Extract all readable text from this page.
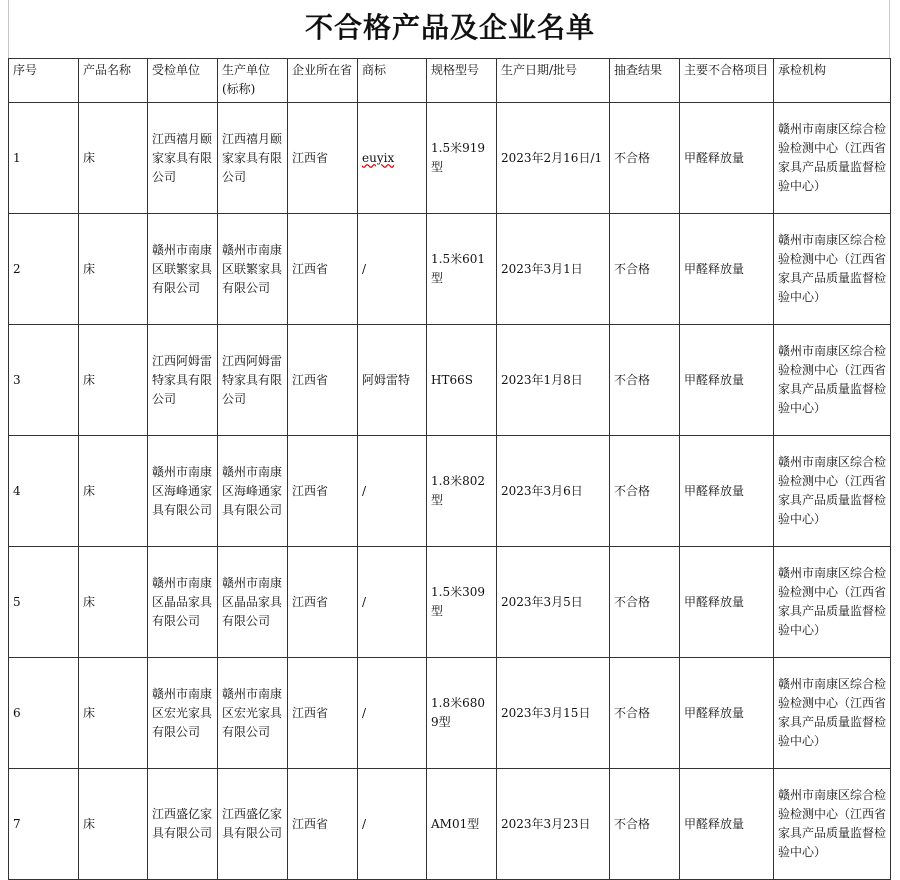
不合格产品及企业名单
序号	产品名称	受检单位	生产单位(标称)	企业所在省	商标	规格型号	生产日期/批号	抽查结果	主要不合格项目	承检机构
1	床	江西禧月颐家家具有限公司	江西禧月颐家家具有限公司	江西省	euyix	1.5米919型	2023年2月16日/1	不合格	甲醛释放量	赣州市南康区综合检验检测中心（江西省家具产品质量监督检验中心）
2	床	赣州市南康区联繁家具有限公司	赣州市南康区联繁家具有限公司	江西省	/	1.5米601型	2023年3月1日	不合格	甲醛释放量	赣州市南康区综合检验检测中心（江西省家具产品质量监督检验中心）
3	床	江西阿姆雷特家具有限公司	江西阿姆雷特家具有限公司	江西省	阿姆雷特	HT66S	2023年1月8日	不合格	甲醛释放量	赣州市南康区综合检验检测中心（江西省家具产品质量监督检验中心）
4	床	赣州市南康区海峰通家具有限公司	赣州市南康区海峰通家具有限公司	江西省	/	1.8米802型	2023年3月6日	不合格	甲醛释放量	赣州市南康区综合检验检测中心（江西省家具产品质量监督检验中心）
5	床	赣州市南康区晶品家具有限公司	赣州市南康区晶品家具有限公司	江西省	/	1.5米309型	2023年3月5日	不合格	甲醛释放量	赣州市南康区综合检验检测中心（江西省家具产品质量监督检验中心）
6	床	赣州市南康区宏光家具有限公司	赣州市南康区宏光家具有限公司	江西省	/	1.8米6809型	2023年3月15日	不合格	甲醛释放量	赣州市南康区综合检验检测中心（江西省家具产品质量监督检验中心）
7	床	江西盛亿家具有限公司	江西盛亿家具有限公司	江西省	/	AM01型	2023年3月23日	不合格	甲醛释放量	赣州市南康区综合检验检测中心（江西省家具产品质量监督检验中心）
